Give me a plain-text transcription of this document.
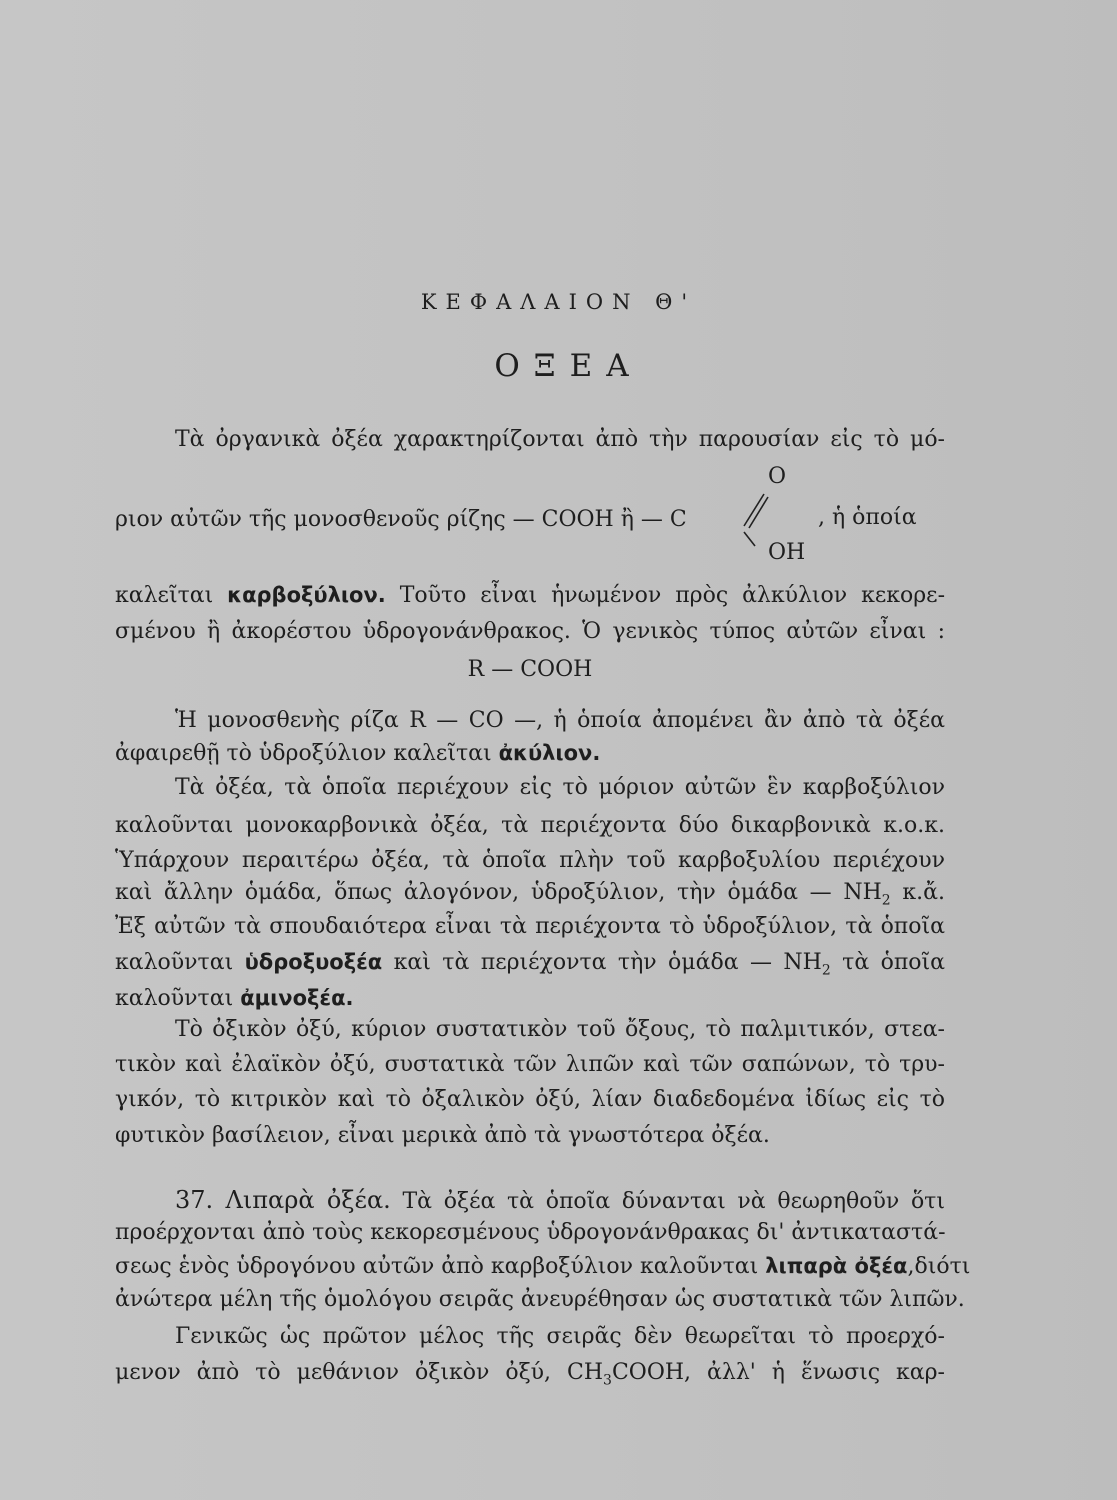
ΚΕΦΑΛΑΙΟΝ Θ'
ΟΞΕΑ
Τὰ ὀργανικὰ ὀξέα χαρακτηρίζονται ἀπὸ τὴν παρουσίαν εἰς τὸ μό-
O
ριον αὐτῶν τῆς μονοσθενοῦς ρίζης — COOH ἢ — C	, ἡ ὁποία
OH
καλεῖται καρβοξύλιον. Τοῦτο εἶναι ἡνωμένον πρὸς ἀλκύλιον κεκορε-
σμένου ἢ ἀκορέστου ὑδρογονάνθρακος. Ὁ γενικὸς τύπος αὐτῶν εἶναι :
R — COOH
Ἡ μονοσθενὴς ρίζα R — CO —, ἡ ὁποία ἀπομένει ἂν ἀπὸ τὰ ὀξέα
ἀφαιρεθῇ τὸ ὑδροξύλιον καλεῖται ἀκύλιον.
Τὰ ὀξέα, τὰ ὁποῖα περιέχουν εἰς τὸ μόριον αὐτῶν ἓν καρβοξύλιον
καλοῦνται μονοκαρβονικὰ ὀξέα, τὰ περιέχοντα δύο δικαρβονικὰ κ.ο.κ.
Ὑπάρχουν περαιτέρω ὀξέα, τὰ ὁποῖα πλὴν τοῦ καρβοξυλίου περιέχουν
καὶ ἄλλην ὁμάδα, ὅπως ἀλογόνον, ὑδροξύλιον, τὴν ὁμάδα — $NH_2$ κ.ἄ.
Ἐξ αὐτῶν τὰ σπουδαιότερα εἶναι τὰ περιέχοντα τὸ ὑδροξύλιον, τὰ ὁποῖα
καλοῦνται ὑδροξυοξέα καὶ τὰ περιέχοντα τὴν ὁμάδα — $NH_2$ τὰ ὁποῖα
καλοῦνται ἀμινοξέα.
Τὸ ὀξικὸν ὀξύ, κύριον συστατικὸν τοῦ ὄξους, τὸ παλμιτικόν, στεα-
τικὸν καὶ ἐλαϊκὸν ὀξύ, συστατικὰ τῶν λιπῶν καὶ τῶν σαπώνων, τὸ τρυ-
γικόν, τὸ κιτρικὸν καὶ τὸ ὀξαλικὸν ὀξύ, λίαν διαδεδομένα ἰδίως εἰς τὸ
φυτικὸν βασίλειον, εἶναι μερικὰ ἀπὸ τὰ γνωστότερα ὀξέα.
37. Λιπαρὰ ὀξέα. Τὰ ὀξέα τὰ ὁποῖα δύνανται νὰ θεωρηθοῦν ὅτι
προέρχονται ἀπὸ τοὺς κεκορεσμένους ὑδρογονάνθρακας δι' ἀντικαταστά-
σεως ἑνὸς ὑδρογόνου αὐτῶν ἀπὸ καρβοξύλιον καλοῦνται λιπαρὰ ὀξέα,διότι
ἀνώτερα μέλη τῆς ὁμολόγου σειρᾶς ἀνευρέθησαν ὡς συστατικὰ τῶν λιπῶν.
Γενικῶς ὡς πρῶτον μέλος τῆς σειρᾶς δὲν θεωρεῖται τὸ προερχό-
μενον ἀπὸ τὸ μεθάνιον ὀξικὸν ὀξύ, $CH_3COOH$, ἀλλ' ἡ ἕνωσις καρ-
